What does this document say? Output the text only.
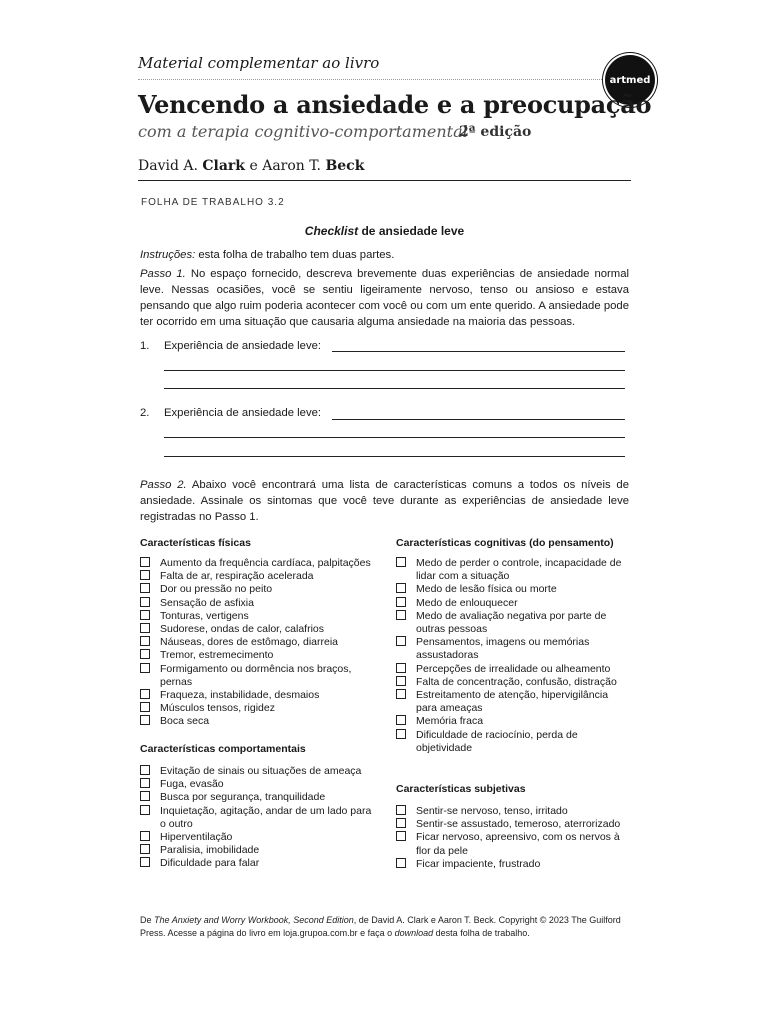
Material complementar ao livro
artmed
Vencendo a ansiedade e a preocupação
com a terapia cognitivo-comportamental
2ª edição
David A. Clark e Aaron T. Beck
FOLHA DE TRABALHO 3.2
Checklist de ansiedade leve
Instruções: esta folha de trabalho tem duas partes.
Passo 1. No espaço fornecido, descreva brevemente duas experiências de ansiedade normal leve. Nessas ocasiões, você se sentiu ligeiramente nervoso, tenso ou ansioso e estava pensando que algo ruim poderia acontecer com você ou com um ente querido. A ansiedade pode ter ocorrido em uma situação que causaria alguma ansiedade na maioria das pessoas.
1. Experiência de ansiedade leve:
2. Experiência de ansiedade leve:
Passo 2. Abaixo você encontrará uma lista de características comuns a todos os níveis de ansiedade. Assinale os sintomas que você teve durante as experiências de ansiedade leve registradas no Passo 1.
Características físicas
Aumento da frequência cardíaca, palpitações
Falta de ar, respiração acelerada
Dor ou pressão no peito
Sensação de asfixia
Tonturas, vertigens
Sudorese, ondas de calor, calafrios
Náuseas, dores de estômago, diarreia
Tremor, estremecimento
Formigamento ou dormência nos braços, pernas
Fraqueza, instabilidade, desmaios
Músculos tensos, rigidez
Boca seca
Características comportamentais
Evitação de sinais ou situações de ameaça
Fuga, evasão
Busca por segurança, tranquilidade
Inquietação, agitação, andar de um lado para o outro
Hiperventilação
Paralisia, imobilidade
Dificuldade para falar
Características cognitivas (do pensamento)
Medo de perder o controle, incapacidade de lidar com a situação
Medo de lesão física ou morte
Medo de enlouquecer
Medo de avaliação negativa por parte de outras pessoas
Pensamentos, imagens ou memórias assustadoras
Percepções de irrealidade ou alheamento
Falta de concentração, confusão, distração
Estreitamento de atenção, hipervigilância para ameaças
Memória fraca
Dificuldade de raciocínio, perda de objetividade
Características subjetivas
Sentir-se nervoso, tenso, irritado
Sentir-se assustado, temeroso, aterrorizado
Ficar nervoso, apreensivo, com os nervos à flor da pele
Ficar impaciente, frustrado
De The Anxiety and Worry Workbook, Second Edition, de David A. Clark e Aaron T. Beck. Copyright © 2023 The Guilford Press. Acesse a página do livro em loja.grupoa.com.br e faça o download desta folha de trabalho.
